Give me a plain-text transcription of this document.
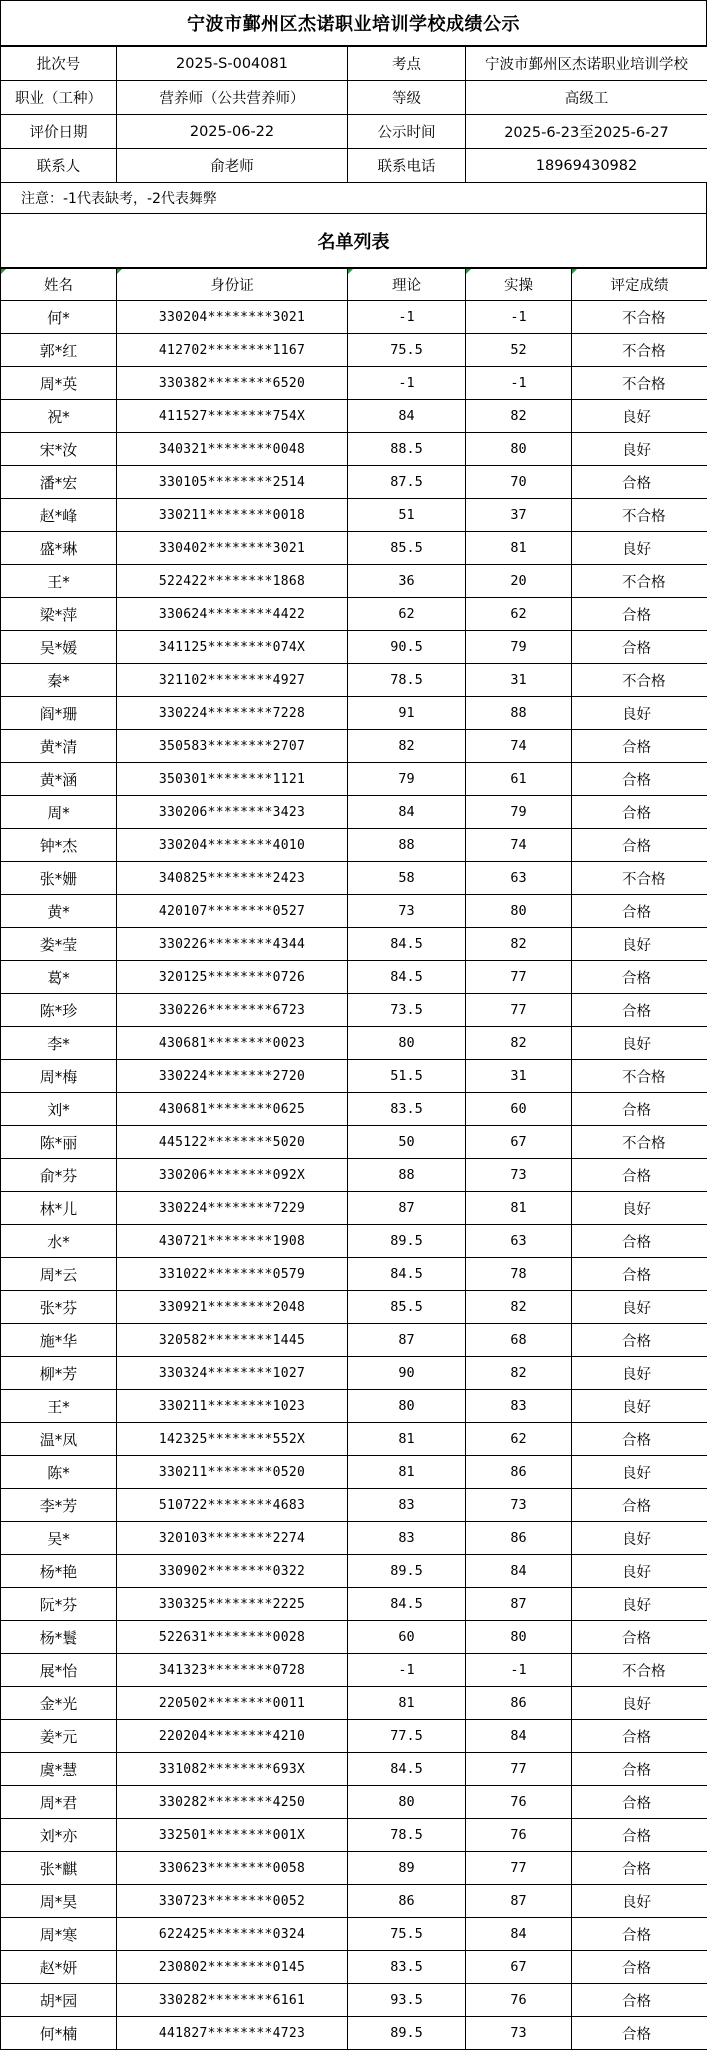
宁波市鄞州区杰诺职业培训学校成绩公示
批次号	2025-S-004081	考点	宁波市鄞州区杰诺职业培训学校
职业（工种）	营养师（公共营养师）	等级	高级工
评价日期	2025-06-22	公示时间	2025-6-23至2025-6-27
联系人	俞老师	联系电话	18969430982
注意：-1代表缺考，-2代表舞弊
名单列表
姓名	身份证	理论	实操	评定成绩
何*	330204********3021	-1	-1	不合格
郭*红	412702********1167	75.5	52	不合格
周*英	330382********6520	-1	-1	不合格
祝*	411527********754X	84	82	良好
宋*汝	340321********0048	88.5	80	良好
潘*宏	330105********2514	87.5	70	合格
赵*峰	330211********0018	51	37	不合格
盛*琳	330402********3021	85.5	81	良好
王*	522422********1868	36	20	不合格
梁*萍	330624********4422	62	62	合格
吴*媛	341125********074X	90.5	79	合格
秦*	321102********4927	78.5	31	不合格
阎*珊	330224********7228	91	88	良好
黄*清	350583********2707	82	74	合格
黄*涵	350301********1121	79	61	合格
周*	330206********3423	84	79	合格
钟*杰	330204********4010	88	74	合格
张*姗	340825********2423	58	63	不合格
黄*	420107********0527	73	80	合格
娄*莹	330226********4344	84.5	82	良好
葛*	320125********0726	84.5	77	合格
陈*珍	330226********6723	73.5	77	合格
李*	430681********0023	80	82	良好
周*梅	330224********2720	51.5	31	不合格
刘*	430681********0625	83.5	60	合格
陈*丽	445122********5020	50	67	不合格
俞*芬	330206********092X	88	73	合格
林*儿	330224********7229	87	81	良好
水*	430721********1908	89.5	63	合格
周*云	331022********0579	84.5	78	合格
张*芬	330921********2048	85.5	82	良好
施*华	320582********1445	87	68	合格
柳*芳	330324********1027	90	82	良好
王*	330211********1023	80	83	良好
温*凤	142325********552X	81	62	合格
陈*	330211********0520	81	86	良好
李*芳	510722********4683	83	73	合格
吴*	320103********2274	83	86	良好
杨*艳	330902********0322	89.5	84	良好
阮*芬	330325********2225	84.5	87	良好
杨*鬟	522631********0028	60	80	合格
展*怡	341323********0728	-1	-1	不合格
金*光	220502********0011	81	86	良好
姜*元	220204********4210	77.5	84	合格
虞*慧	331082********693X	84.5	77	合格
周*君	330282********4250	80	76	合格
刘*亦	332501********001X	78.5	76	合格
张*麒	330623********0058	89	77	合格
周*昊	330723********0052	86	87	良好
周*寒	622425********0324	75.5	84	合格
赵*妍	230802********0145	83.5	67	合格
胡*园	330282********6161	93.5	76	合格
何*楠	441827********4723	89.5	73	合格
